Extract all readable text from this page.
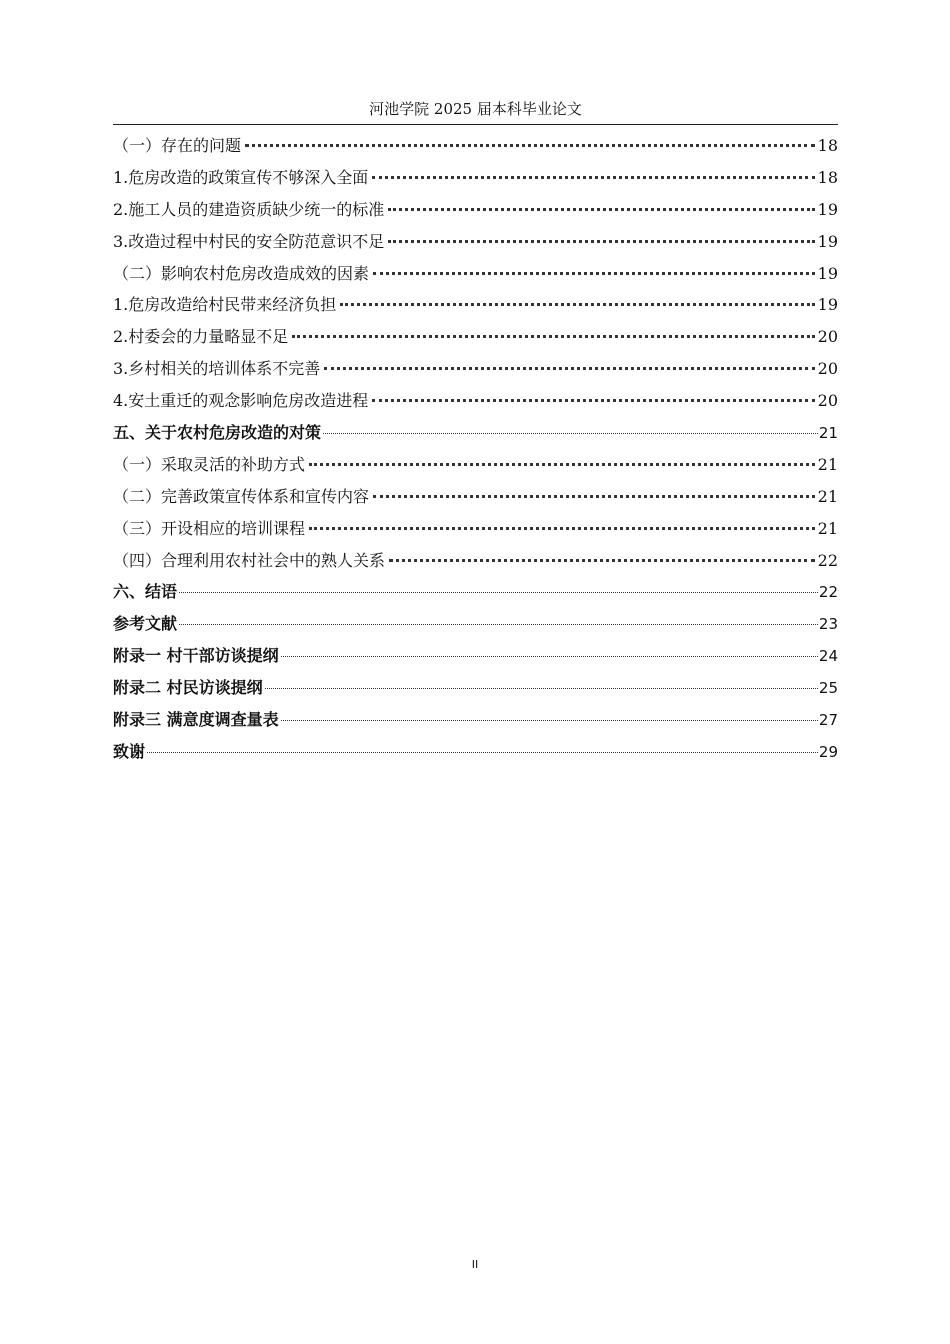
河池学院 2025 届本科毕业论文
（一）存在的问题	18
1.危房改造的政策宣传不够深入全面	18
2.施工人员的建造资质缺少统一的标准	19
3.改造过程中村民的安全防范意识不足	19
（二）影响农村危房改造成效的因素	19
1.危房改造给村民带来经济负担	19
2.村委会的力量略显不足	20
3.乡村相关的培训体系不完善	20
4.安土重迁的观念影响危房改造进程	20
五、关于农村危房改造的对策	21
（一）采取灵活的补助方式	21
（二）完善政策宣传体系和宣传内容	21
（三）开设相应的培训课程	21
（四）合理利用农村社会中的熟人关系	22
六、结语	22
参考文献	23
附录一 村干部访谈提纲	24
附录二 村民访谈提纲	25
附录三 满意度调查量表	27
致谢	29
II
